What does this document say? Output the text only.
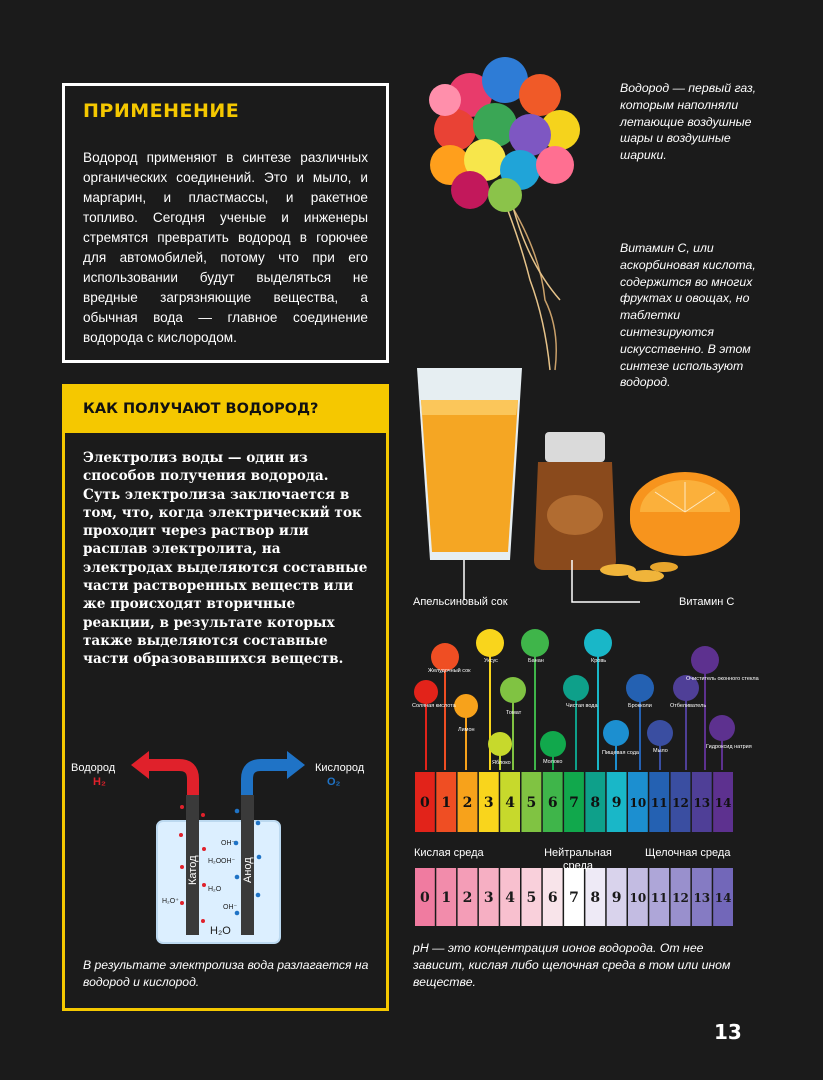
ПРИМЕНЕНИЕ
Водород применяют в синтезе различных органических соединений. Это и мыло, и маргарин, и пластмассы, и ракетное топливо. Сегодня ученые и инженеры стремятся превратить водород в горючее для автомобилей, потому что при его использовании будут выделяться не вредные загрязняющие вещества, а обычная вода — главное соединение водорода с кислородом.
КАК ПОЛУЧАЮТ ВОДОРОД?
Электролиз воды — один из способов получения водорода. Суть электролиза заключается в том, что, когда электрический ток проходит через раствор или расплав электролита, на электродах выделяются составные части растворенных веществ или же происходят вторичные реакции, в результате которых также выделяются составные части образовавшихся веществ.
Катод	Анод
OH⁻
OH⁻
H₂O
H₂O
H₂O⁺
OH⁻
H₂O
Водород
H₂
Кислород
O₂
В результате электролиза вода разлагается на водород и кислород.
Соляная кислота
Желудочный сок
Лимон
Уксус
Яблоко
Томат
Банан
Молоко
Чистая вода
Кровь
Пищевая сода
Брокколи
Мыло
Отбеливатель
Очиститель оконного стекла
Гидроксид натрия
0 1 2 3 4 5 6 7 8 9 10 11 12 13 14
0 1 2 3 4 5 6 7 8 9 10 11 12 13 14
Водород — первый газ, которым наполняли летающие воздушные шары и воздушные шарики.
Витамин С, или аскорбиновая кислота, содержится во многих фруктах и овощах, но таблетки синтезируются искусственно. В этом синтезе используют водород.
Апельсиновый сок	Витамин С
Кислая среда	Нейтральная среда
Щелочная среда
pH — это концентрация ионов водорода. От нее зависит, кислая либо щелочная среда в том или ином веществе.
13
